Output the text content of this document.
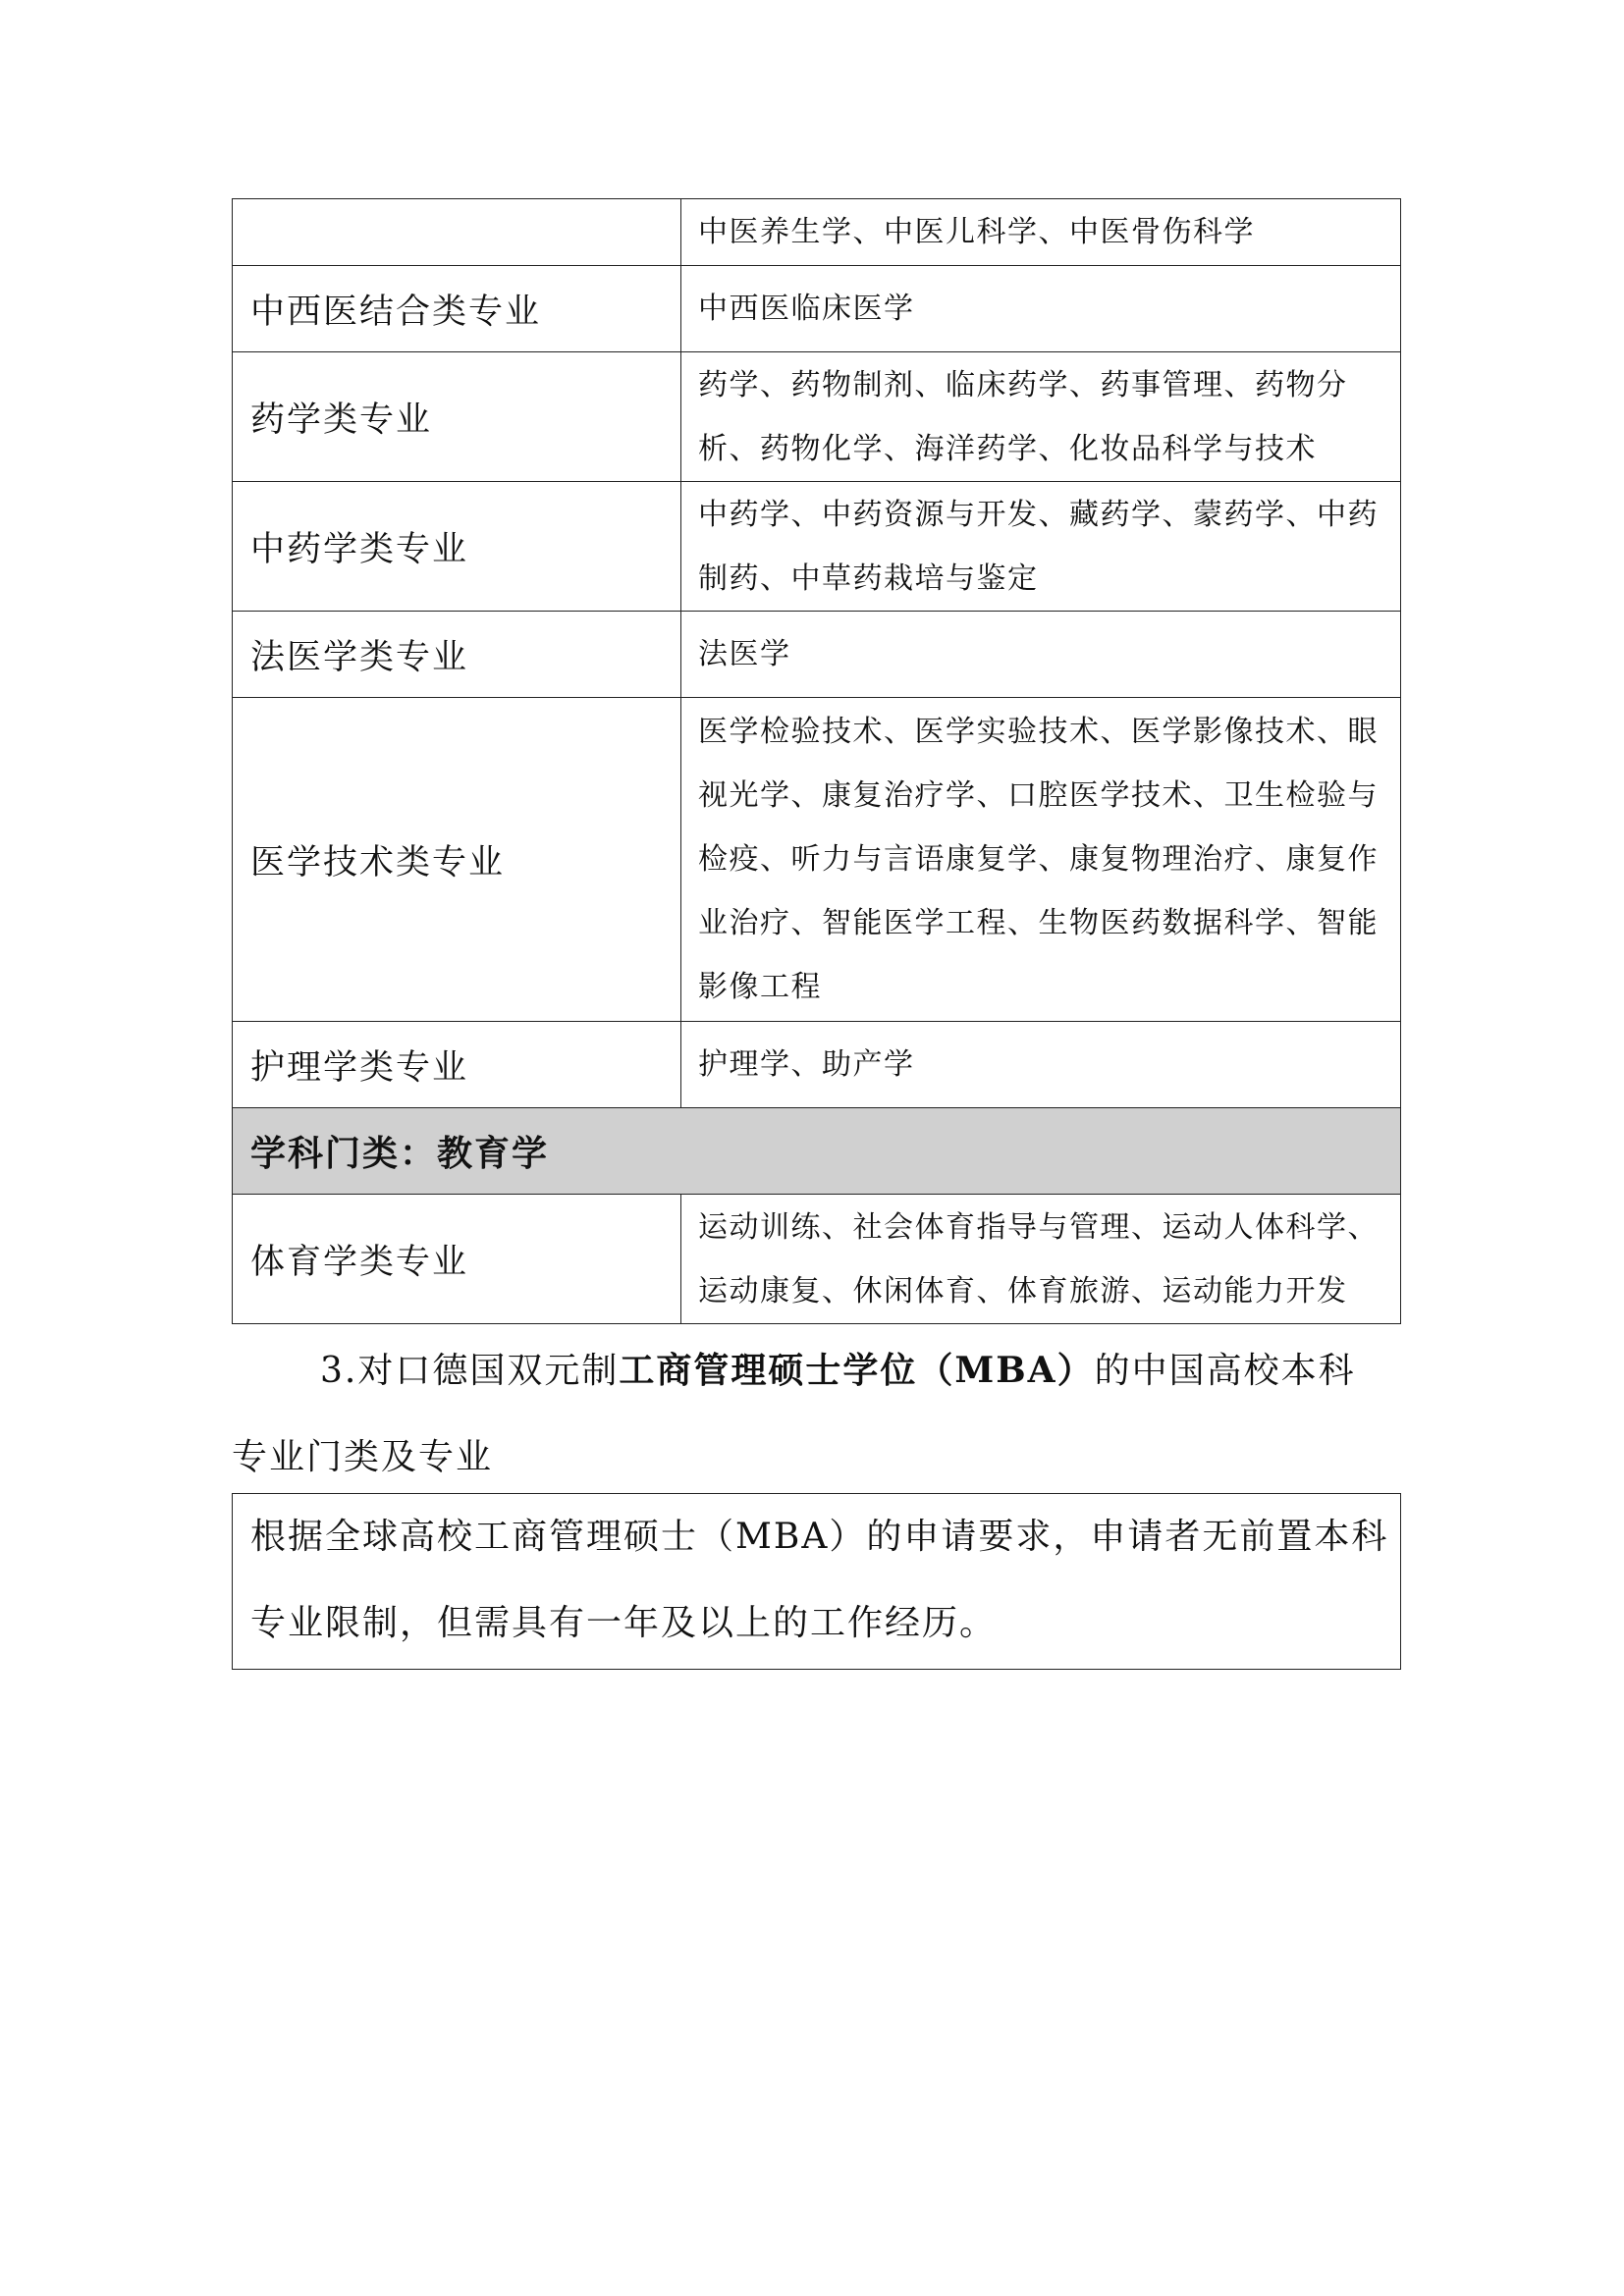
	中医养生学、中医儿科学、中医骨伤科学
中西医结合类专业	中西医临床医学
药学类专业	药学、药物制剂、临床药学、药事管理、药物分析、药物化学、海洋药学、化妆品科学与技术
中药学类专业	中药学、中药资源与开发、藏药学、蒙药学、中药制药、中草药栽培与鉴定
法医学类专业	法医学
医学技术类专业	医学检验技术、医学实验技术、医学影像技术、眼视光学、康复治疗学、口腔医学技术、卫生检验与检疫、听力与言语康复学、康复物理治疗、康复作业治疗、智能医学工程、生物医药数据科学、智能影像工程
护理学类专业	护理学、助产学
学科门类：教育学	
体育学类专业	运动训练、社会体育指导与管理、运动人体科学、运动康复、休闲体育、体育旅游、运动能力开发
3.对口德国双元制工商管理硕士学位（MBA）的中国高校本科
专业门类及专业
根据全球高校工商管理硕士（MBA）的申请要求，申请者无前置本科专业限制，但需具有一年及以上的工作经历。
